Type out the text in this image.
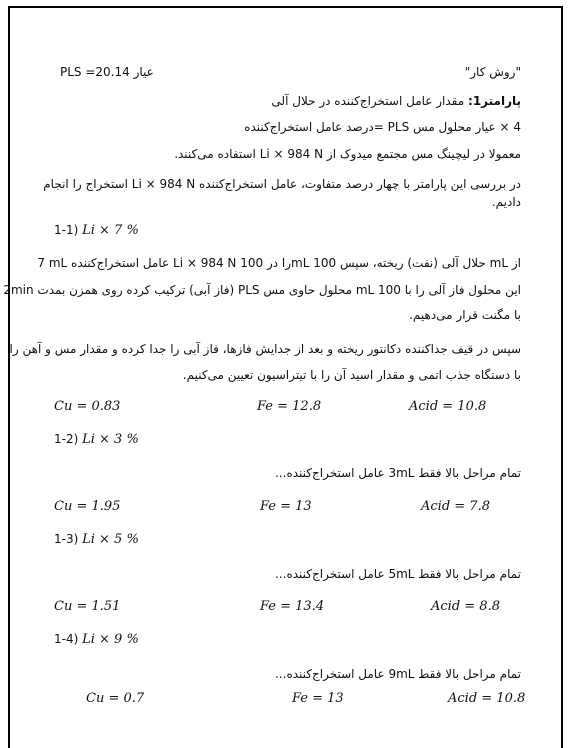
"روش کار"
PLS =عیار 20.14
پارامتر1: مقدار عامل استخراج‌کننده در حلال آلی
4 × عیار محلول مس PLS =درصد عامل استخراج‌کننده
معمولا در لیچینگ مس مجتمع میدوک از Li × 984 N استفاده می‌کنند.
در بررسی این پارامتر با چهار درصد متفاوت، عامل استخراج‌کننده Li × 984 N استخراج را انجام
دادیم.
1-1) Li × 7 %
7 mL عامل استخراج‌کننده Li × 984 N را در 100mL حلال آلی (نفت) ریخته، سپس 100 mL از
این محلول فاز آلی را با 100 mL محلول حاوی مس PLS (فاز آبی) ترکیب کرده روی همزن بمدت 2min
با مگنت قرار می‌دهیم.
سپس در قیف جداکننده دکانتور ریخته و بعد از جدایش فازها، فاز آبی را جدا کرده و مقدار مس و آهن را
با دستگاه جذب اتمی و مقدار اسید آن را با تیتراسیون تعیین می‌کنیم.
Cu = 0.83	Fe = 12.8	Acid = 10.8
1-2) Li × 3 %
تمام مراحل بالا فقط 3mL عامل استخراج‌کننده...
Cu = 1.95	Fe = 13	Acid = 7.8
1-3) Li × 5 %
تمام مراحل بالا فقط 5mL عامل استخراج‌کننده...
Cu = 1.51	Fe = 13.4	Acid = 8.8
1-4) Li × 9 %
تمام مراحل بالا فقط 9mL عامل استخراج‌کننده...
Cu = 0.7	Fe = 13	Acid = 10.8
